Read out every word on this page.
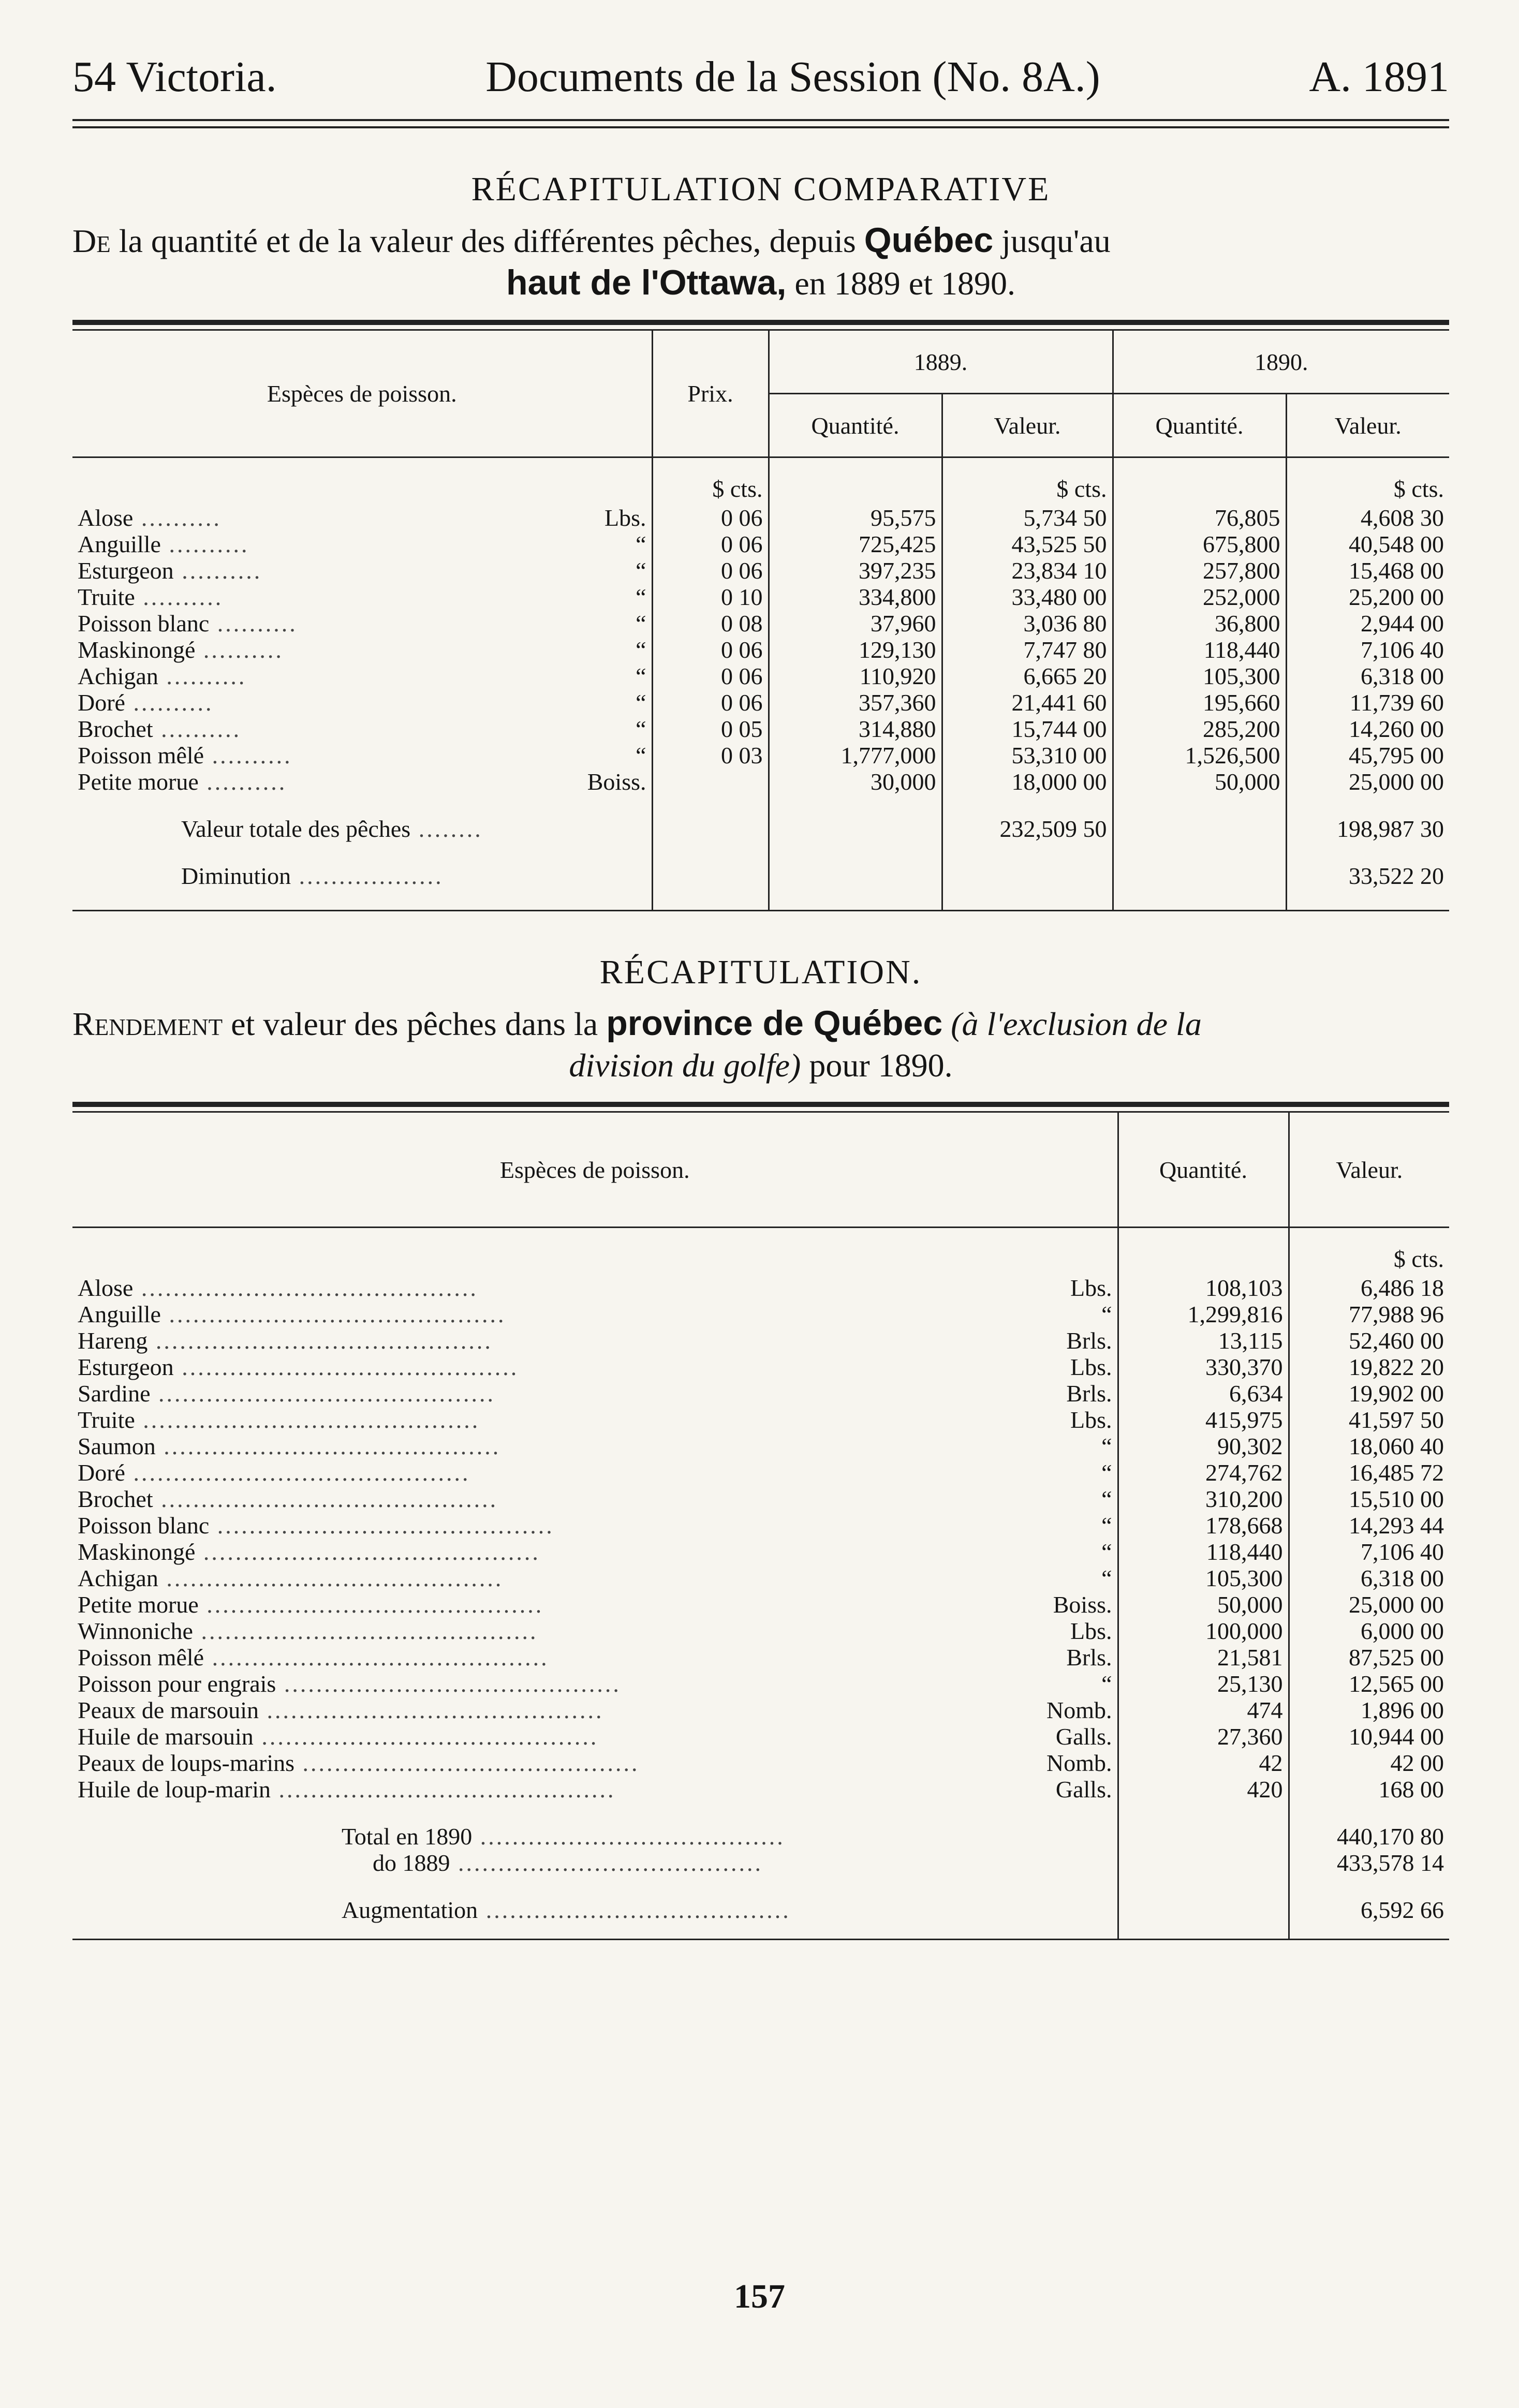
54 Victoria.	Documents de la Session (No. 8A.)	A. 1891
RÉCAPITULATION COMPARATIVE
De la quantité et de la valeur des différentes pêches, depuis Québec jusqu'au
haut de l'Ottawa, en 1889 et 1890.
Espèces de poisson.	Prix.	1889.		1890.	
		Quantité.	Valeur.	Quantité.	Valeur.

	$ cts.		$ cts.		$ cts.
Alose .......... Lbs.	0 06	95,575	5,734 50	76,805	4,608 30
Anguille .......... “	0 06	725,425	43,525 50	675,800	40,548 00
Esturgeon .......... “	0 06	397,235	23,834 10	257,800	15,468 00
Truite .......... “	0 10	334,800	33,480 00	252,000	25,200 00
Poisson blanc .......... “	0 08	37,960	3,036 80	36,800	2,944 00
Maskinongé .......... “	0 06	129,130	7,747 80	118,440	7,106 40
Achigan .......... “	0 06	110,920	6,665 20	105,300	6,318 00
Doré .......... “	0 06	357,360	21,441 60	195,660	11,739 60
Brochet .......... “	0 05	314,880	15,744 00	285,200	14,260 00
Poisson mêlé .......... “	0 03	1,777,000	53,310 00	1,526,500	45,795 00
Petite morue .......... Boiss.		30,000	18,000 00	50,000	25,000 00

Valeur totale des pêches ........			232,509 50		198,987 30

Diminution ..................					33,522 20

RÉCAPITULATION.
Rendement et valeur des pêches dans la province de Québec (à l'exclusion de la
division du golfe) pour 1890.
Espèces de poisson.	Quantité.	Valeur.

		$ cts.
Alose .......................................... Lbs.	108,103	6,486 18
Anguille .......................................... “	1,299,816	77,988 96
Hareng .......................................... Brls.	13,115	52,460 00
Esturgeon .......................................... Lbs.	330,370	19,822 20
Sardine .......................................... Brls.	6,634	19,902 00
Truite .......................................... Lbs.	415,975	41,597 50
Saumon .......................................... “	90,302	18,060 40
Doré .......................................... “	274,762	16,485 72
Brochet .......................................... “	310,200	15,510 00
Poisson blanc .......................................... “	178,668	14,293 44
Maskinongé .......................................... “	118,440	7,106 40
Achigan .......................................... “	105,300	6,318 00
Petite morue .......................................... Boiss.	50,000	25,000 00
Winnoniche .......................................... Lbs.	100,000	6,000 00
Poisson mêlé .......................................... Brls.	21,581	87,525 00
Poisson pour engrais .......................................... “	25,130	12,565 00
Peaux de marsouin .......................................... Nomb.	474	1,896 00
Huile de marsouin .......................................... Galls.	27,360	10,944 00
Peaux de loups-marins .......................................... Nomb.	42	42 00
Huile de loup-marin .......................................... Galls.	420	168 00

Total en 1890 ......................................		440,170 80
do 1889 ......................................		433,578 14

Augmentation ......................................		6,592 66

157
